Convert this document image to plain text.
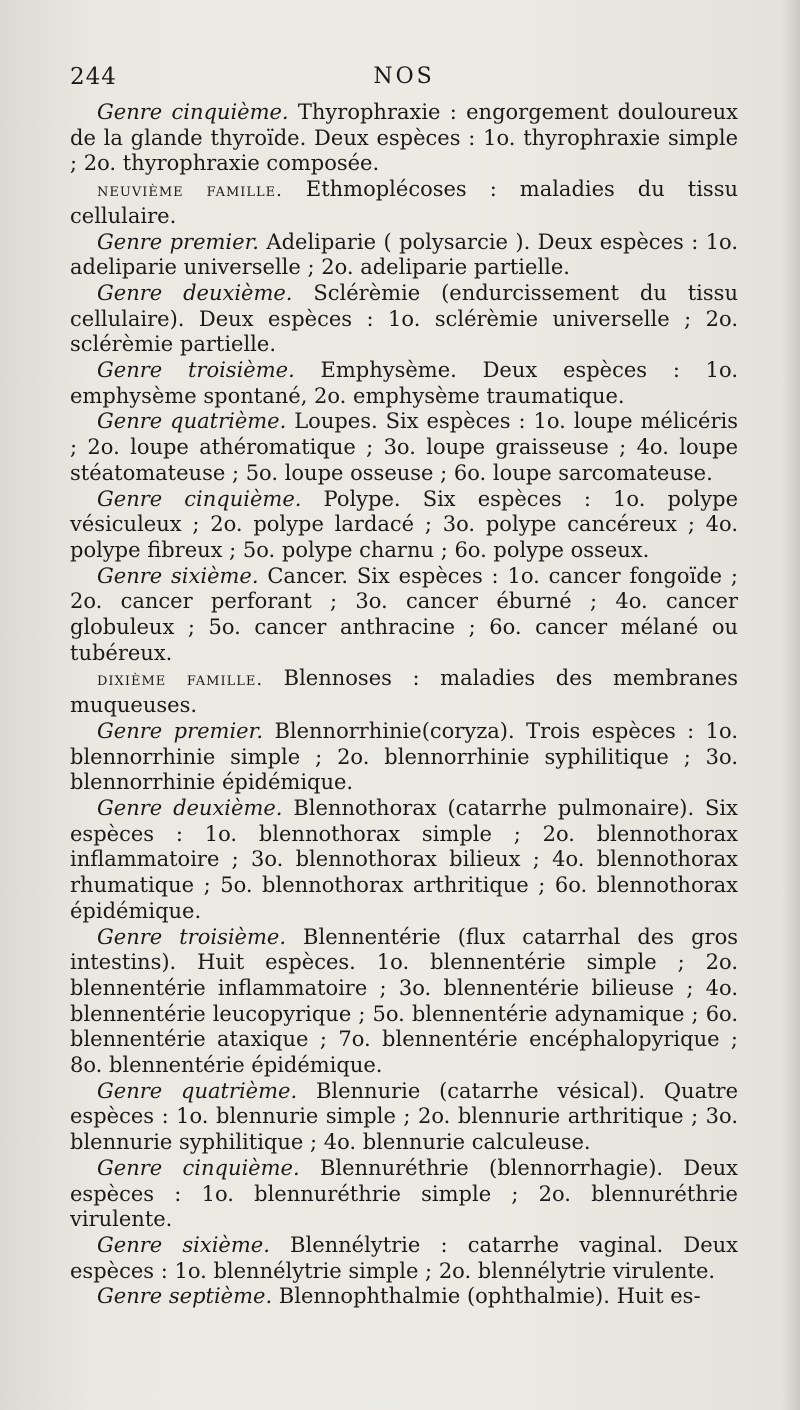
244	NOS

Genre cinquième. Thyrophraxie : engorgement douloureux de la glande thyroïde. Deux espèces : 1o. thyrophraxie simple ; 2o. thyrophraxie composée.

neuvième famille. Ethmoplécoses : maladies du tissu cellulaire.

Genre premier. Adeliparie ( polysarcie ). Deux espèces : 1o. adeliparie universelle ; 2o. adeliparie partielle.

Genre deuxième. Sclérèmie (endurcissement du tissu cellulaire). Deux espèces : 1o. sclérèmie universelle ; 2o. sclérèmie partielle.

Genre troisième. Emphysème. Deux espèces : 1o. emphysème spontané, 2o. emphysème traumatique.

Genre quatrième. Loupes. Six espèces : 1o. loupe mélicéris ; 2o. loupe athéromatique ; 3o. loupe graisseuse ; 4o. loupe stéatomateuse ; 5o. loupe osseuse ; 6o. loupe sarcomateuse.

Genre cinquième. Polype. Six espèces : 1o. polype vésiculeux ; 2o. polype lardacé ; 3o. polype cancéreux ; 4o. polype fibreux ; 5o. polype charnu ; 6o. polype osseux.

Genre sixième. Cancer. Six espèces : 1o. cancer fongoïde ; 2o. cancer perforant ; 3o. cancer éburné ; 4o. cancer globuleux ; 5o. cancer anthracine ; 6o. cancer mélané ou tubéreux.

dixième famille. Blennoses : maladies des membranes muqueuses.

Genre premier. Blennorrhinie(coryza). Trois espèces : 1o. blennorrhinie simple ; 2o. blennorrhinie syphilitique ; 3o. blennorrhinie épidémique.

Genre deuxième. Blennothorax (catarrhe pulmonaire). Six espèces : 1o. blennothorax simple ; 2o. blennothorax inflammatoire ; 3o. blennothorax bilieux ; 4o. blennothorax rhumatique ; 5o. blennothorax arthritique ; 6o. blennothorax épidémique.

Genre troisième. Blennentérie (flux catarrhal des gros intestins). Huit espèces. 1o. blennentérie simple ; 2o. blennentérie inflammatoire ; 3o. blennentérie bilieuse ; 4o. blennentérie leucopyrique ; 5o. blennentérie adynamique ; 6o. blennentérie ataxique ; 7o. blennentérie encéphalopyrique ; 8o. blennentérie épidémique.

Genre quatrième. Blennurie (catarrhe vésical). Quatre espèces : 1o. blennurie simple ; 2o. blennurie arthritique ; 3o. blennurie syphilitique ; 4o. blennurie calculeuse.

Genre cinquième. Blennuréthrie (blennorrhagie). Deux espèces : 1o. blennuréthrie simple ; 2o. blennuréthrie virulente.

Genre sixième. Blennélytrie : catarrhe vaginal. Deux espèces : 1o. blennélytrie simple ; 2o. blennélytrie virulente.

Genre septième. Blennophthalmie (ophthalmie). Huit es-
